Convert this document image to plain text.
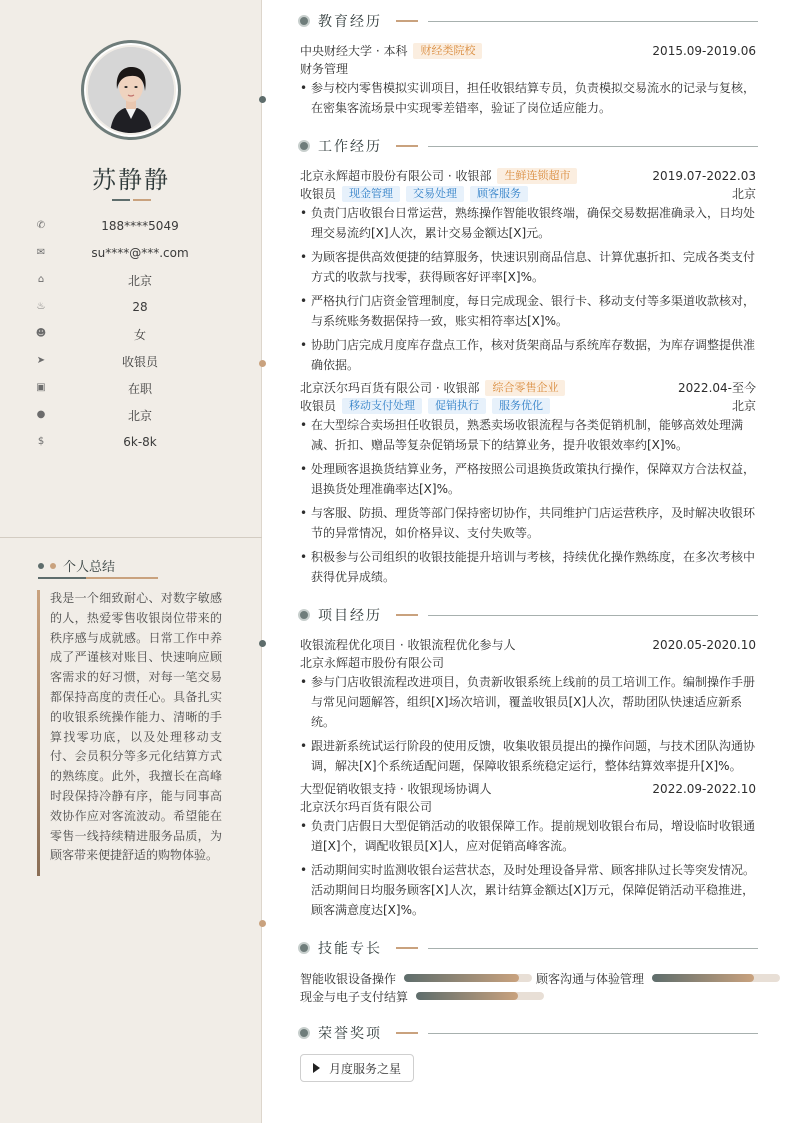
苏静静
✆	188****5049
✉	su****@***.com
⌂	北京
♨	28
☻	女
➤	收银员
▣	在职
●	北京
$	6k-8k
个人总结
我是一个细致耐心、对数字敏感的人，热爱零售收银岗位带来的秩序感与成就感。日常工作中养成了严谨核对账目、快速响应顾客需求的好习惯，对每一笔交易都保持高度的责任心。具备扎实的收银系统操作能力、清晰的手算找零功底，以及处理移动支付、会员积分等多元化结算方式的熟练度。此外，我擅长在高峰时段保持冷静有序，能与同事高效协作应对客流波动。希望能在零售一线持续精进服务品质，为顾客带来便捷舒适的购物体验。
教育经历
中央财经大学 · 本科	财经类院校	2015.09-2019.06
财务管理
• 参与校内零售模拟实训项目，担任收银结算专员，负责模拟交易流水的记录与复核，在密集客流场景中实现零差错率，验证了岗位适应能力。
工作经历
北京永辉超市股份有限公司 · 收银部	生鲜连锁超市	2019.07-2022.03
收银员	现金管理	交易处理	顾客服务	北京
• 负责门店收银台日常运营，熟练操作智能收银终端，确保交易数据准确录入，日均处理交易流约[X]人次，累计交易金额达[X]元。
• 为顾客提供高效便捷的结算服务，快速识别商品信息、计算优惠折扣、完成各类支付方式的收款与找零，获得顾客好评率[X]%。
• 严格执行门店资金管理制度，每日完成现金、银行卡、移动支付等多渠道收款核对，与系统账务数据保持一致，账实相符率达[X]%。
• 协助门店完成月度库存盘点工作，核对货架商品与系统库存数据，为库存调整提供准确依据。
北京沃尔玛百货有限公司 · 收银部	综合零售企业	2022.04-至今
收银员	移动支付处理	促销执行	服务优化	北京
• 在大型综合卖场担任收银员，熟悉卖场收银流程与各类促销机制，能够高效处理满减、折扣、赠品等复杂促销场景下的结算业务，提升收银效率约[X]%。
• 处理顾客退换货结算业务，严格按照公司退换货政策执行操作，保障双方合法权益，退换货处理准确率达[X]%。
• 与客服、防损、理货等部门保持密切协作，共同维护门店运营秩序，及时解决收银环节的异常情况，如价格异议、支付失败等。
• 积极参与公司组织的收银技能提升培训与考核，持续优化操作熟练度，在多次考核中获得优异成绩。
项目经历
收银流程优化项目 · 收银流程优化参与人	2020.05-2020.10
北京永辉超市股份有限公司
• 参与门店收银流程改进项目，负责新收银系统上线前的员工培训工作。编制操作手册与常见问题解答，组织[X]场次培训，覆盖收银员[X]人次，帮助团队快速适应新系统。
• 跟进新系统试运行阶段的使用反馈，收集收银员提出的操作问题，与技术团队沟通协调，解决[X]个系统适配问题，保障收银系统稳定运行，整体结算效率提升[X]%。
大型促销收银支持 · 收银现场协调人	2022.09-2022.10
北京沃尔玛百货有限公司
• 负责门店假日大型促销活动的收银保障工作。提前规划收银台布局，增设临时收银通道[X]个，调配收银员[X]人，应对促销高峰客流。
• 活动期间实时监测收银台运营状态，及时处理设备异常、顾客排队过长等突发情况。活动期间日均服务顾客[X]人次，累计结算金额达[X]万元，保障促销活动平稳推进，顾客满意度达[X]%。
技能专长
智能收银设备操作	顾客沟通与体验管理
现金与电子支付结算
荣誉奖项
月度服务之星
